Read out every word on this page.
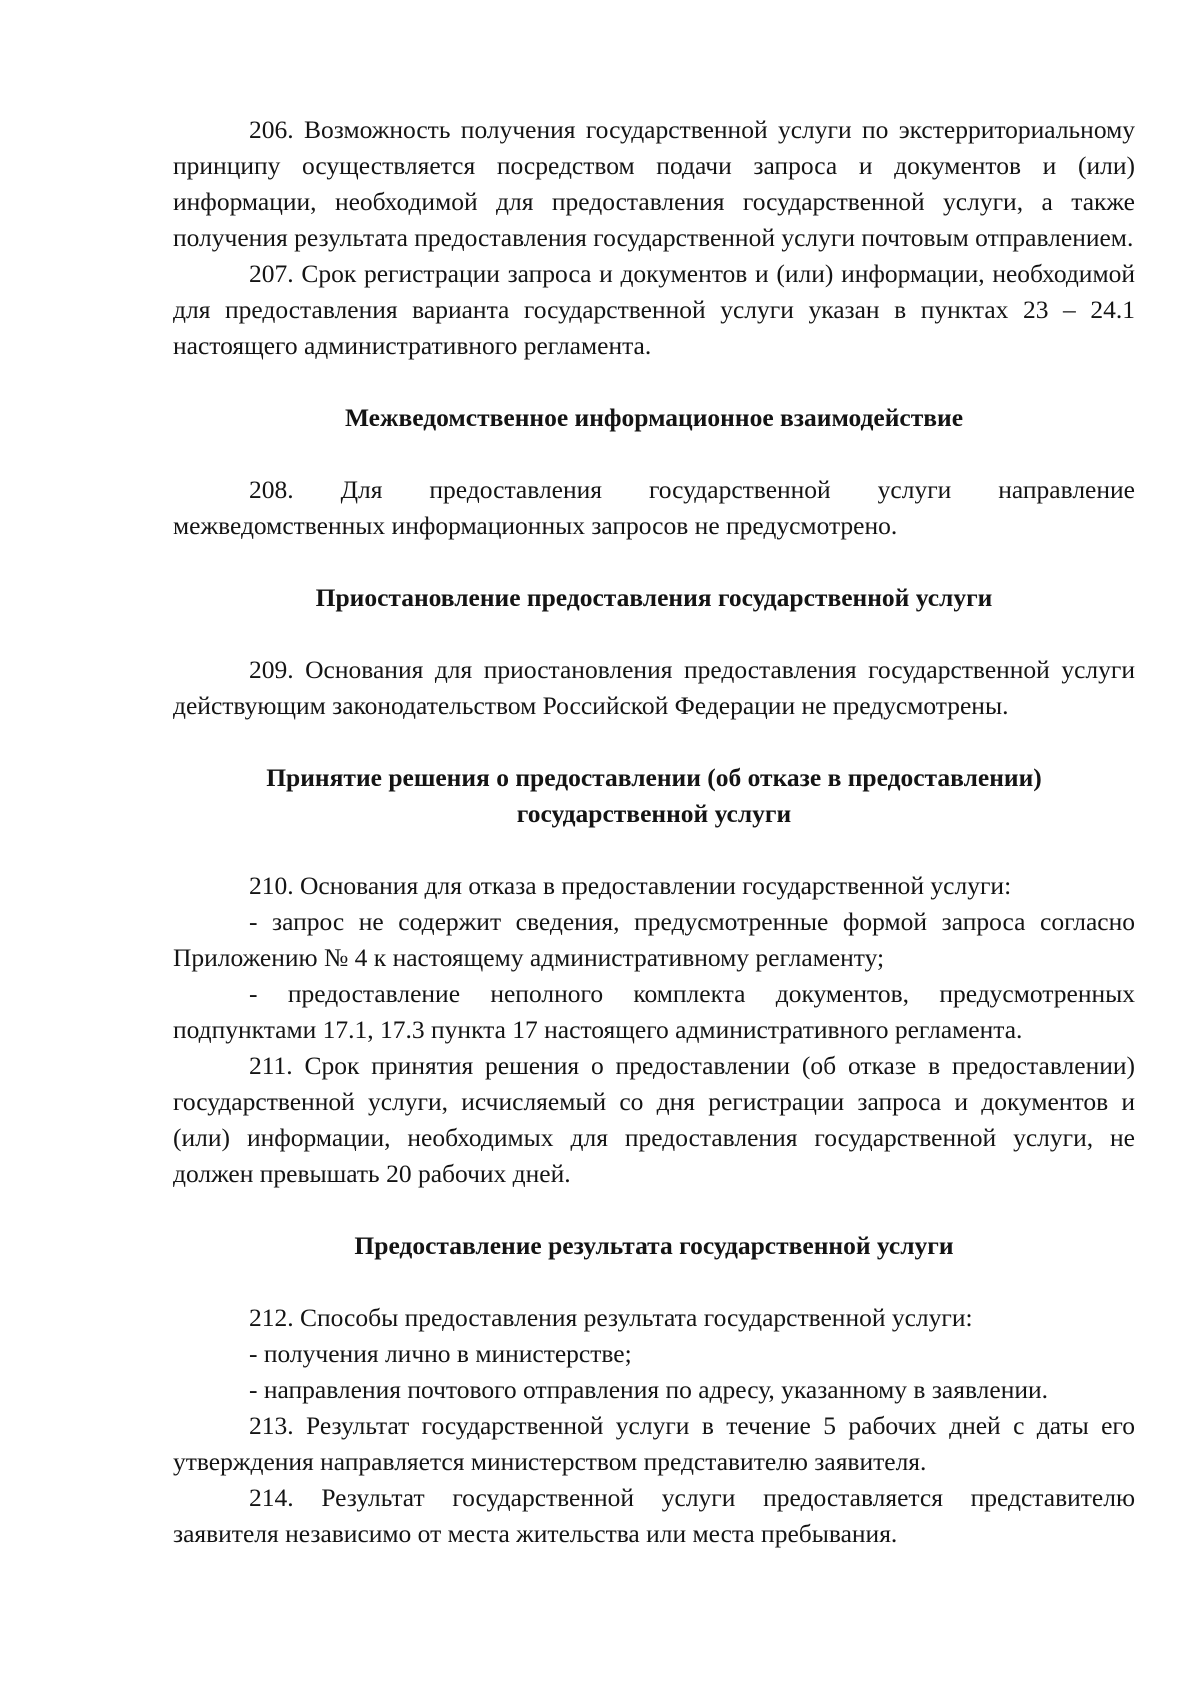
206. Возможность получения государственной услуги по экстерриториальному принципу осуществляется посредством подачи запроса и документов и (или) информации, необходимой для предоставления государственной услуги, а также получения результата предоставления государственной услуги почтовым отправлением.

207. Срок регистрации запроса и документов и (или) информации, необходимой для предоставления варианта государственной услуги указан в пунктах 23 – 24.1 настоящего административного регламента.

Межведомственное информационное взаимодействие

208. Для предоставления государственной услуги направление межведомственных информационных запросов не предусмотрено.

Приостановление предоставления государственной услуги

209. Основания для приостановления предоставления государственной услуги действующим законодательством Российской Федерации не предусмотрены.

Принятие решения о предоставлении (об отказе в предоставлении)

государственной услуги

210. Основания для отказа в предоставлении государственной услуги:

- запрос не содержит сведения, предусмотренные формой запроса согласно Приложению № 4 к настоящему административному регламенту;

- предоставление неполного комплекта документов, предусмотренных подпунктами 17.1, 17.3 пункта 17 настоящего административного регламента.

211. Срок принятия решения о предоставлении (об отказе в предоставлении) государственной услуги, исчисляемый со дня регистрации запроса и документов и (или) информации, необходимых для предоставления государственной услуги, не должен превышать 20 рабочих дней.

Предоставление результата государственной услуги

212. Способы предоставления результата государственной услуги:

- получения лично в министерстве;

- направления почтового отправления по адресу, указанному в заявлении.

213. Результат государственной услуги в течение 5 рабочих дней с даты его утверждения направляется министерством представителю заявителя.

214. Результат государственной услуги предоставляется представителю заявителя независимо от места жительства или места пребывания.
